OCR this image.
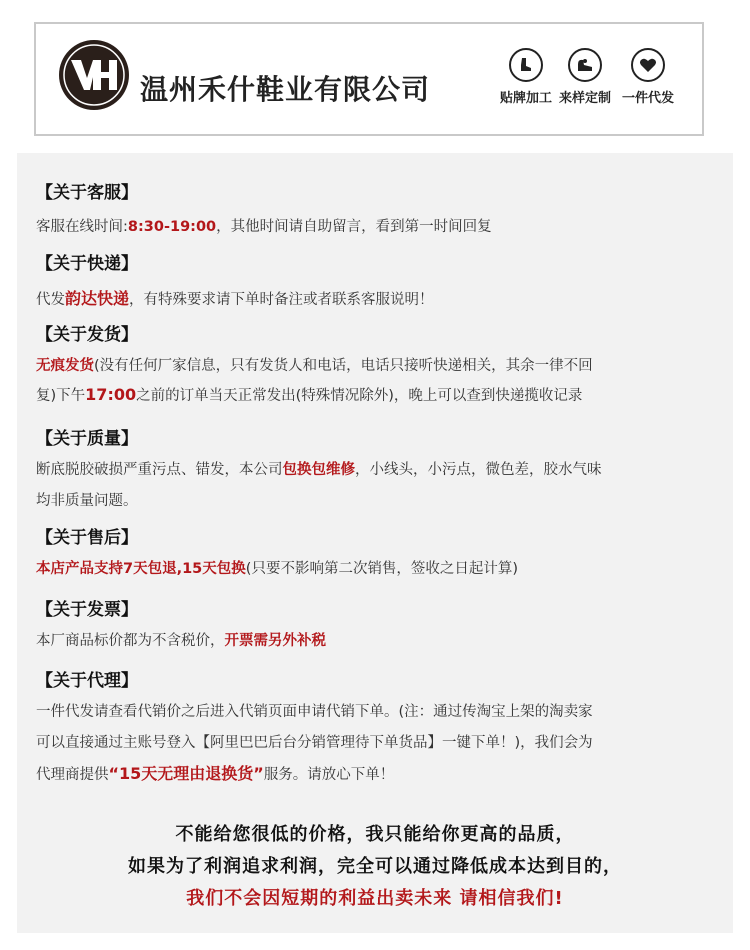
温州禾什鞋业有限公司	贴牌加工 来样定制 一件代发
【关于客服】
客服在线时间:8:30-19:00，其他时间请自助留言，看到第一时间回复
【关于快递】
代发韵达快递，有特殊要求请下单时备注或者联系客服说明！
【关于发货】
无痕发货(没有任何厂家信息，只有发货人和电话，电话只接听快递相关，其余一律不回
复)下午17:00之前的订单当天正常发出(特殊情况除外)，晚上可以查到快递揽收记录
【关于质量】
断底脱胶破损严重污点、错发，本公司包换包维修，小线头，小污点，微色差，胶水气味
均非质量问题。
【关于售后】
本店产品支持7天包退,15天包换(只要不影响第二次销售，签收之日起计算)
【关于发票】
本厂商品标价都为不含税价，开票需另外补税
【关于代理】
一件代发请查看代销价之后进入代销页面申请代销下单。(注：通过传淘宝上架的淘卖家
可以直接通过主账号登入【阿里巴巴后台分销管理待下单货品】一键下单！)，我们会为
代理商提供“15天无理由退换货”服务。请放心下单！
不能给您很低的价格，我只能给你更高的品质，
如果为了利润追求利润，完全可以通过降低成本达到目的，
我们不会因短期的利益出卖未来 请相信我们!
